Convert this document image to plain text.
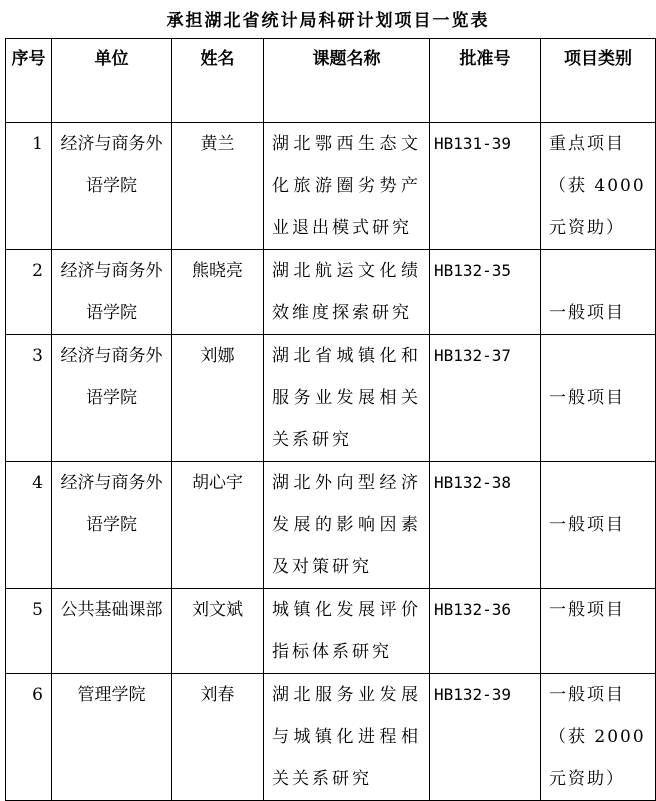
承担湖北省统计局科研计划项目一览表
序号	单位	姓名	课题名称	批准号	项目类别
1	经济与商务外语学院	黄兰	湖北鄂西生态文化旅游圈劣势产业退出模式研究	HB131-39	重点项目（获 4000 元资助）
2	经济与商务外语学院	熊晓亮	湖北航运文化绩效维度探索研究	HB132-35	一般项目
3	经济与商务外语学院	刘娜	湖北省城镇化和服务业发展相关关系研究	HB132-37	一般项目
4	经济与商务外语学院	胡心宇	湖北外向型经济发展的影响因素及对策研究	HB132-38	一般项目
5	公共基础课部	刘文斌	城镇化发展评价指标体系研究	HB132-36	一般项目
6	管理学院	刘春	湖北服务业发展与城镇化进程相关关系研究	HB132-39	一般项目（获 2000 元资助）
